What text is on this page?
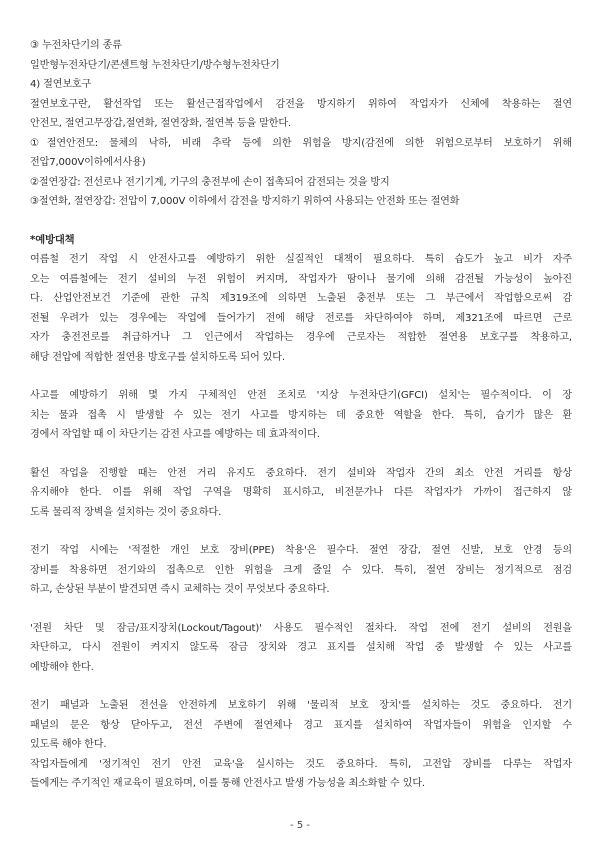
③ 누전차단기의 종류
일반형누전차단기/콘센트형 누전차단기/방수형누전차단기
4) 절연보호구
절연보호구란, 활선작업 또는 활선근접작업에서 감전을 방지하기 위하여 작업자가 신체에 착용하는 절연
안전모, 절연고무장갑,절연화, 절연장화, 절연복 등을 말한다.
①절연안전모: 물체의 낙하, 비래 추락 등에 의한 위험을 방지(감전에 의한 위험으로부터 보호하기 위해
전압7,000V이하에서사용)
②절연장갑: 전선로나 전기기계, 기구의 충전부에 손이 접촉되어 감전되는 것을 방지
③절연화, 절연장갑: 전압이 7,000V 이하에서 감전을 방지하기 위하여 사용되는 안전화 또는 절연화
*예방대책
여름철 전기 작업 시 안전사고를 예방하기 위한 실질적인 대책이 필요하다. 특히 습도가 높고 비가 자주
오는 여름철에는 전기 설비의 누전 위험이 커지며, 작업자가 땀이나 물기에 의해 감전될 가능성이 높아진
다. 산업안전보건 기준에 관한 규칙 제319조에 의하면 노출된 충전부 또는 그 부근에서 작업함으로써 감
전될 우려가 있는 경우에는 작업에 들어가기 전에 해당 전로를 차단하여야 하며, 제321조에 따르면 근로
자가 충전전로를 취급하거나 그 인근에서 작업하는 경우에 근로자는 적합한 절연용 보호구를 착용하고,
해당 전압에 적합한 절연용 방호구를 설치하도록 되어 있다.
사고를 예방하기 위해 몇 가지 구체적인 안전 조치로 '지상 누전차단기(GFCI) 설치'는 필수적이다. 이 장
치는 물과 접촉 시 발생할 수 있는 전기 사고를 방지하는 데 중요한 역할을 한다. 특히, 습기가 많은 환
경에서 작업할 때 이 차단기는 감전 사고를 예방하는 데 효과적이다.
활선 작업을 진행할 때는 안전 거리 유지도 중요하다. 전기 설비와 작업자 간의 최소 안전 거리를 항상
유지해야 한다. 이를 위해 작업 구역을 명확히 표시하고, 비전문가나 다른 작업자가 가까이 접근하지 않
도록 물리적 장벽을 설치하는 것이 중요하다.
전기 작업 시에는 '적절한 개인 보호 장비(PPE) 착용'은 필수다. 절연 장갑, 절연 신발, 보호 안경 등의
장비를 착용하면 전기와의 접촉으로 인한 위험을 크게 줄일 수 있다. 특히, 절연 장비는 정기적으로 점검
하고, 손상된 부분이 발견되면 즉시 교체하는 것이 무엇보다 중요하다.
'전원 차단 및 잠금/표지장치(Lockout/Tagout)' 사용도 필수적인 절차다. 작업 전에 전기 설비의 전원을
차단하고, 다시 전원이 켜지지 않도록 잠금 장치와 경고 표지를 설치해 작업 중 발생할 수 있는 사고를
예방해야 한다.
전기 패널과 노출된 전선을 안전하게 보호하기 위해 '물리적 보호 장치'를 설치하는 것도 중요하다. 전기
패널의 문은 항상 닫아두고, 전선 주변에 절연체나 경고 표지를 설치하여 작업자들이 위험을 인지할 수
있도록 해야 한다.
작업자들에게 '정기적인 전기 안전 교육'을 실시하는 것도 중요하다. 특히, 고전압 장비를 다루는 작업자
들에게는 주기적인 재교육이 필요하며, 이를 통해 안전사고 발생 가능성을 최소화할 수 있다.
- 5 -
